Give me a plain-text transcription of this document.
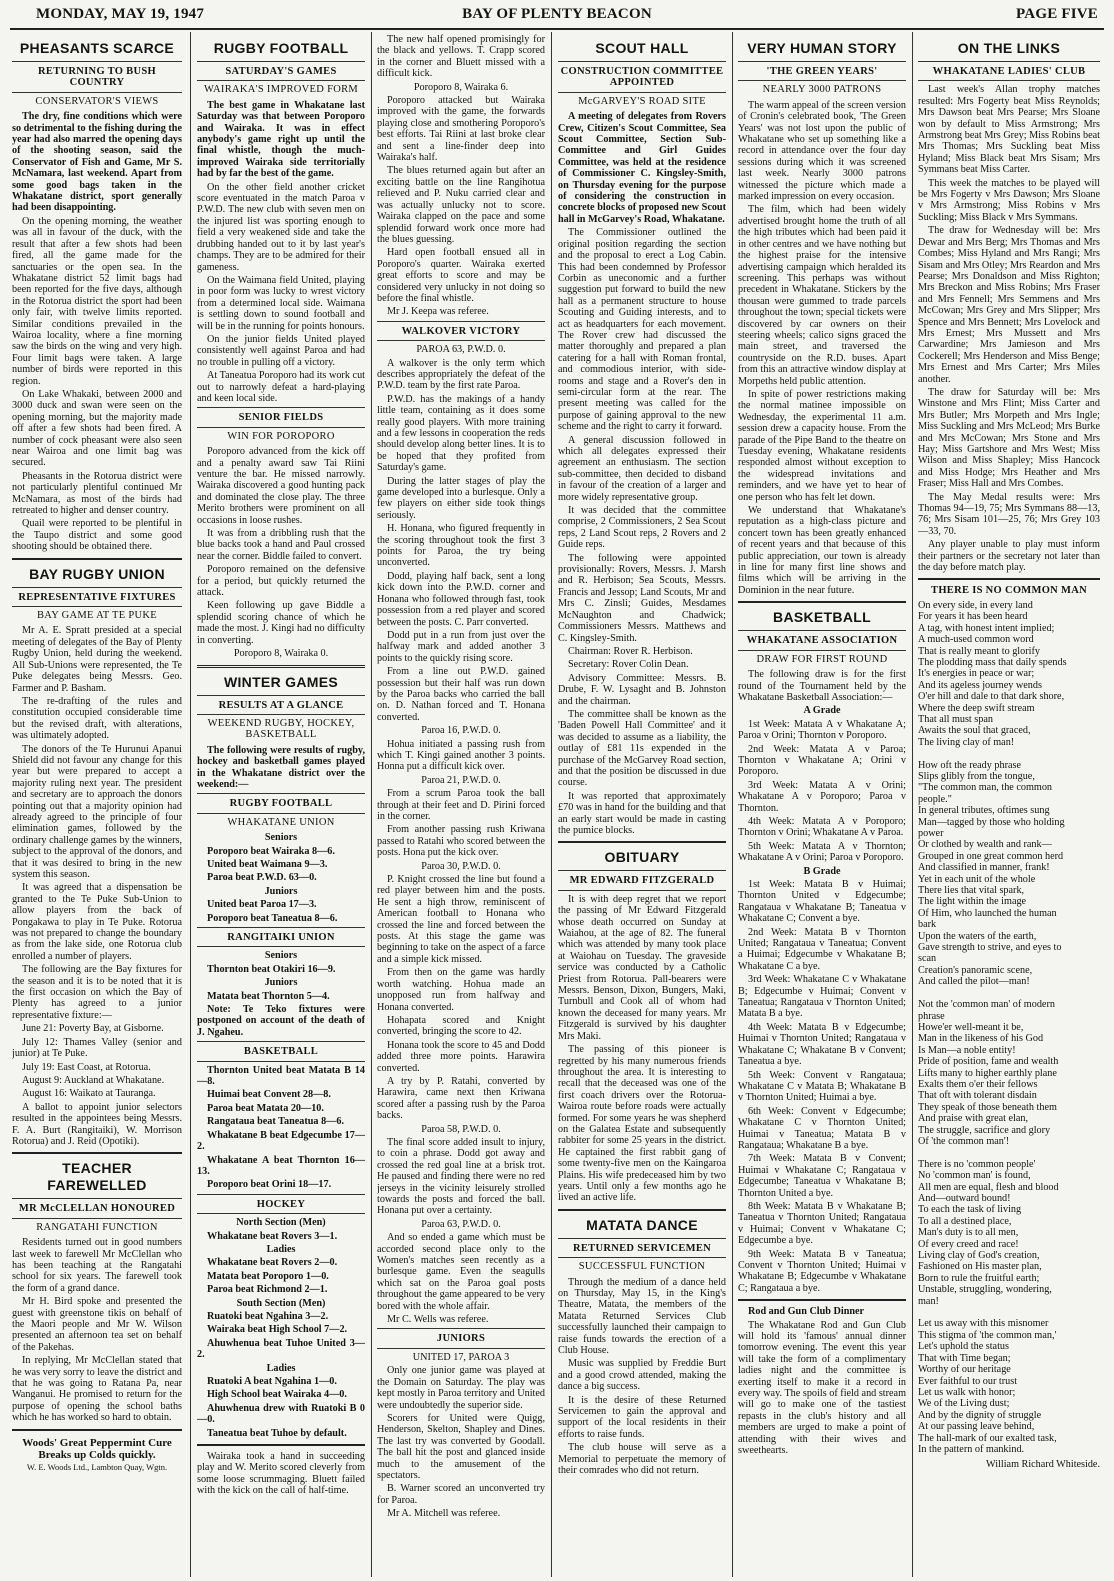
MONDAY, MAY 19, 1947	BAY OF PLENTY BEACON	PAGE FIVE
PHEASANTS SCARCE
RETURNING TO BUSH COUNTRY
CONSERVATOR'S VIEWS

The dry, fine conditions which were so detrimental to the fishing during the year had also marred the opening days of the shooting season, said the Conservator of Fish and Game, Mr S. McNamara, last weekend. Apart from some good bags taken in the Whakatane district, sport generally had been disappointing.

On the opening morning, the weather was all in favour of the duck, with the result that after a few shots had been fired, all the game made for the sanctuaries or the open sea. In the Whakatane district 52 limit bags had been reported for the five days, although in the Rotorua district the sport had been only fair, with twelve limits reported. Similar conditions prevailed in the Wairoa locality, where a fine morning saw the birds on the wing and very high. Four limit bags were taken. A large number of birds were reported in this region.

On Lake Whakaki, between 2000 and 3000 duck and swan were seen on the opening morning, but the majority made off after a few shots had been fired. A number of cock pheasant were also seen near Wairoa and one limit bag was secured.

Pheasants in the Rotorua district were not particularly plentiful continued Mr McNamara, as most of the birds had retreated to higher and denser country.

Quail were reported to be plentiful in the Taupo district and some good shooting should be obtained there.

BAY RUGBY UNION
REPRESENTATIVE FIXTURES
BAY GAME AT TE PUKE

Mr A. E. Spratt presided at a special meeting of delegates of the Bay of Plenty Rugby Union, held during the weekend. All Sub-Unions were represented, the Te Puke delegates being Messrs. Geo. Farmer and P. Basham.

The re-drafting of the rules and constitution occupied considerable time but the revised draft, with alterations, was ultimately adopted.

The donors of the Te Hurunui Apanui Shield did not favour any change for this year but were prepared to accept a majority ruling next year. The president and secretary are to approach the donors pointing out that a majority opinion had already agreed to the principle of four elimination games, followed by the ordinary challenge games by the winners, subject to the approval of the donors, and that it was desired to bring in the new system this season.

It was agreed that a dispensation be granted to the Te Puke Sub-Union to allow players from the back of Pongakawa to play in Te Puke. Rotorua was not prepared to change the boundary as from the lake side, one Rotorua club enrolled a number of players.

The following are the Bay fixtures for the season and it is to be noted that it is the first occasion on which the Bay of Plenty has agreed to a junior representative fixture:—

June 21: Poverty Bay, at Gisborne.

July 12: Thames Valley (senior and junior) at Te Puke.

July 19: East Coast, at Rotorua.

August 9: Auckland at Whakatane.

August 16: Waikato at Tauranga.

A ballot to appoint junior selectors resulted in the appointees being Messrs. F. A. Burt (Rangitaiki), W. Morrison Rotorua) and J. Reid (Opotiki).

TEACHER FAREWELLED
MR McCLELLAN HONOURED
RANGATAHI FUNCTION

Residents turned out in good numbers last week to farewell Mr McClellan who has been teaching at the Rangatahi school for six years. The farewell took the form of a grand dance.

Mr H. Bird spoke and presented the guest with greenstone tikis on behalf of the Maori people and Mr W. Wilson presented an afternoon tea set on behalf of the Pakehas.

In replying, Mr McClellan stated that he was very sorry to leave the district and that he was going to Ratana Pa, near Wanganui. He promised to return for the purpose of opening the school baths which he has worked so hard to obtain.

Woods' Great Peppermint Cure
Breaks up Colds quickly.
W. E. Woods Ltd., Lambton Quay, Wgtn.
RUGBY FOOTBALL
SATURDAY'S GAMES
WAIRAKA'S IMPROVED FORM

The best game in Whakatane last Saturday was that between Poroporo and Wairaka. It was in effect anybody's game right up until the final whistle, though the much-improved Wairaka side territorially had by far the best of the game.

On the other field another cricket score eventuated in the match Paroa v P.W.D. The new club with seven men on the injured list was sporting enough to field a very weakened side and take the drubbing handed out to it by last year's champs. They are to be admired for their gameness.

On the Waimana field United, playing in poor form was lucky to wrest victory from a determined local side. Waimana is settling down to sound football and will be in the running for points honours.

On the junior fields United played consistently well against Paroa and had no trouble in pulling off a victory.

At Taneatua Poroporo had its work cut out to narrowly defeat a hard-playing and keen local side.

SENIOR FIELDS
WIN FOR POROPORO

Poroporo advanced from the kick off and a penalty award saw Tai Riini venture the bar. He missed narrowly. Wairaka discovered a good hunting pack and dominated the close play. The three Merito brothers were prominent on all occasions in loose rushes.

It was from a dribbling rush that the blue backs took a hand and Paul crossed near the corner. Biddle failed to convert.

Poroporo remained on the defensive for a period, but quickly returned the attack.

Keen following up gave Biddle a splendid scoring chance of which he made the most. J. Kingi had no difficulty in converting.

Poroporo 8, Wairaka 0.

WINTER GAMES
RESULTS AT A GLANCE
WEEKEND RUGBY, HOCKEY, BASKETBALL

The following were results of rugby, hockey and basketball games played in the Whakatane district over the weekend:—

RUGBY FOOTBALL
WHAKATANE UNION

Seniors

Poroporo beat Wairaka 8—6.

United beat Waimana 9—3.

Paroa beat P.W.D. 63—0.

Juniors

United beat Paroa 17—3.

Poroporo beat Taneatua 8—6.

RANGITAIKI UNION

Seniors

Thornton beat Otakiri 16—9.

Juniors

Matata beat Thornton 5—4.

Note: Te Teko fixtures were postponed on account of the death of J. Ngaheu.

BASKETBALL

Thornton United beat Matata B 14—8.

Huimai beat Convent 28—8.

Paroa beat Matata 20—10.

Rangataua beat Taneatua 8—6.

Whakatane B beat Edgecumbe 17—2.

Whakatane A beat Thornton 16—13.

Poroporo beat Orini 18—17.

HOCKEY

North Section (Men)

Whakatane beat Rovers 3—1.

Ladies

Whakatane beat Rovers 2—0.

Matata beat Poroporo 1—0.

Paroa beat Richmond 2—1.

South Section (Men)

Ruatoki beat Ngahina 3—2.

Wairaka beat High School 7—2.

Ahuwhenua beat Tuhoe United 3—2.

Ladies

Ruatoki A beat Ngahina 1—0.

High School beat Wairaka 4—0.

Ahuwhenua drew with Ruatoki B 0—0.

Taneatua beat Tuhoe by default.

Wairaka took a hand in succeeding play and W. Merito scored cleverly from some loose scrummaging. Bluett failed with the kick on the call of half-time.

The new half opened promisingly for the black and yellows. T. Crapp scored in the corner and Bluett missed with a difficult kick.

Poroporo 8, Wairaka 6.

Poroporo attacked but Wairaka improved with the game, the forwards playing close and smothering Poroporo's best efforts. Tai Riini at last broke clear and sent a line-finder deep into Wairaka's half.

The blues returned again but after an exciting battle on the line Rangihotua relieved and P. Nuku carried clear and was actually unlucky not to score. Wairaka clapped on the pace and some splendid forward work once more had the blues guessing.

Hard open football ensued all in Poroporo's quarter. Wairaka exerted great efforts to score and may be considered very unlucky in not doing so before the final whistle.

Mr J. Keepa was referee.

WALKOVER VICTORY

PAROA 63, P.W.D. 0.

A walkover is the only term which describes appropriately the defeat of the P.W.D. team by the first rate Paroa.

P.W.D. has the makings of a handy little team, containing as it does some really good players. With more training and a few lessons in cooperation the reds should develop along better lines. It is to be hoped that they profited from Saturday's game.

During the latter stages of play the game developed into a burlesque. Only a few players on either side took things seriously.

H. Honana, who figured frequently in the scoring throughout took the first 3 points for Paroa, the try being unconverted.

Dodd, playing half back, sent a long kick down into the P.W.D. corner and Honana who followed through fast, took possession from a red player and scored between the posts. C. Parr converted.

Dodd put in a run from just over the halfway mark and added another 3 points to the quickly rising score.

From a line out P.W.D. gained possession but their half was run down by the Paroa backs who carried the ball on. D. Nathan forced and T. Honana converted.

Paroa 16, P.W.D. 0.

Hohua initiated a passing rush from which T. Kingi gained another 3 points. Honna put a difficult kick over.

Paroa 21, P.W.D. 0.

From a scrum Paroa took the ball through at their feet and D. Pirini forced in the corner.

From another passing rush Kriwana passed to Ratahi who scored between the posts. Hona put the kick over.

Paroa 30, P.W.D. 0.

P. Knight crossed the line but found a red player between him and the posts. He sent a high throw, reminiscent of American football to Honana who crossed the line and forced between the posts. At this stage the game was beginning to take on the aspect of a farce and a simple kick missed.

From then on the game was hardly worth watching. Hohua made an unopposed run from halfway and Honana converted.

Hohapata scored and Knight converted, bringing the score to 42.

Honana took the score to 45 and Dodd added three more points. Harawira converted.

A try by P. Ratahi, converted by Harawira, came next then Kriwana scored after a passing rush by the Paroa backs.

Paroa 58, P.W.D. 0.

The final score added insult to injury, to coin a phrase. Dodd got away and crossed the red goal line at a brisk trot. He paused and finding there were no red jerseys in the vicinity leisurely strolled towards the posts and forced the ball. Honana put over a certainty.

Paroa 63, P.W.D. 0.

And so ended a game which must be accorded second place only to the Women's matches seen recently as a burlesque game. Even the seagulls which sat on the Paroa goal posts throughout the game appeared to be very bored with the whole affair.

Mr C. Wells was referee.

JUNIORS

UNITED 17, PAROA 3

Only one junior game was played at the Domain on Saturday. The play was kept mostly in Paroa territory and United were undoubtedly the superior side.

Scorers for United were Quigg, Henderson, Skelton, Shapley and Dines. The last try was converted by Goodall. The ball hit the post and glanced inside much to the amusement of the spectators.

B. Warner scored an unconverted try for Paroa.

Mr A. Mitchell was referee.

SCOUT HALL
CONSTRUCTION COMMITTEE APPOINTED
McGARVEY'S ROAD SITE

A meeting of delegates from Rovers Crew, Citizen's Scout Committee, Sea Scout Committee, Section Sub-Committee and Girl Guides Committee, was held at the residence of Commissioner C. Kingsley-Smith, on Thursday evening for the purpose of considering the construction in concrete blocks of proposed new Scout hall in McGarvey's Road, Whakatane.

The Commissioner outlined the original position regarding the section and the proposal to erect a Log Cabin. This had been condemned by Professor Corbin as uneconomic and a further suggestion put forward to build the new hall as a permanent structure to house Scouting and Guiding interests, and to act as headquarters for each movement. The Rover crew had discussed the matter thoroughly and prepared a plan catering for a hall with Roman frontal, and commodious interior, with side-rooms and stage and a Rover's den in semi-circular form at the rear. The present meeting was called for the purpose of gaining approval to the new scheme and the right to carry it forward.

A general discussion followed in which all delegates expressed their agreement an enthusiasm. The section sub-committee, then decided to disband in favour of the creation of a larger and more widely representative group.

It was decided that the committee comprise, 2 Commissioners, 2 Sea Scout reps, 2 Land Scout reps, 2 Rovers and 2 Guide reps.

The following were appointed provisionally: Rovers, Messrs. J. Marsh and R. Herbison; Sea Scouts, Messrs. Francis and Jessop; Land Scouts, Mr and Mrs C. Zinsli; Guides, Mesdames McNaughton and Chadwick; Commissioners Messrs. Matthews and C. Kingsley-Smith.

Chairman: Rover R. Herbison.

Secretary: Rover Colin Dean.

Advisory Committee: Messrs. B. Drube, F. W. Lysaght and B. Johnston and the chairman.

The committee shall be known as the 'Baden Powell Hall Committee' and it was decided to assume as a liability, the outlay of £81 11s expended in the purchase of the McGarvey Road section, and that the position be discussed in due course.

It was reported that approximately £70 was in hand for the building and that an early start would be made in casting the pumice blocks.

OBITUARY
MR EDWARD FITZGERALD

It is with deep regret that we report the passing of Mr Edward Fitzgerald whose death occurred on Sunday at Waiahou, at the age of 82. The funeral which was attended by many took place at Waiohau on Tuesday. The graveside service was conducted by a Catholic Priest from Rotorua. Pall-bearers were Messrs. Benson, Dixon, Bungers, Maki, Turnbull and Cook all of whom had known the deceased for many years. Mr Fitzgerald is survived by his daughter Mrs Maki.

The passing of this pioneer is regretted by his many numerous friends throughout the area. It is interesting to recall that the deceased was one of the first coach drivers over the Rotorua-Wairoa route before roads were actually formed. For some years he was shepherd on the Galatea Estate and subsequently rabbiter for some 25 years in the district. He captained the first rabbit gang of some twenty-five men on the Kaingaroa Plains. His wife predeceased him by two years. Until only a few months ago he lived an active life.

MATATA DANCE
RETURNED SERVICEMEN
SUCCESSFUL FUNCTION

Through the medium of a dance held on Thursday, May 15, in the King's Theatre, Matata, the members of the Matata Returned Services Club successfully launched their campaign to raise funds towards the erection of a Club House.

Music was supplied by Freddie Burt and a good crowd attended, making the dance a big success.

It is the desire of these Returned Servicemen to gain the approval and support of the local residents in their efforts to raise funds.

The club house will serve as a Memorial to perpetuate the memory of their comrades who did not return.

VERY HUMAN STORY
'THE GREEN YEARS'
NEARLY 3000 PATRONS

The warm appeal of the screen version of Cronin's celebrated book, 'The Green Years' was not lost upon the public of Whakatane who set up something like a record in attendance over the four day sessions during which it was screened last week. Nearly 3000 patrons witnessed the picture which made a marked impression on every occasion.

The film, which had been widely advertised brought home the truth of all the high tributes which had been paid it in other centres and we have nothing but the highest praise for the intensive advertising campaign which heralded its screening. This perhaps was without precedent in Whakatane. Stickers by the thousan were gummed to trade parcels throughout the town; special tickets were discovered by car owners on their steering wheels; calico signs graced the main street, and traversed the countryside on the R.D. buses. Apart from this an attractive window display at Morpeths held public attention.

In spite of power restrictions making the normal matinee impossible on Wednesday, the experimental 11 a.m. session drew a capacity house. From the parade of the Pipe Band to the theatre on Tuesday evening, Whakatane residents responded almost without exception to the widespread invitations and reminders, and we have yet to hear of one person who has felt let down.

We understand that Whakatane's reputation as a high-class picture and concert town has been greatly enhanced of recent years and that because of this public appreciation, our town is already in line for many first line shows and films which will be arriving in the Dominion in the near future.

BASKETBALL
WHAKATANE ASSOCIATION
DRAW FOR FIRST ROUND

The following draw is for the first round of the Tournament held by the Whakatane Basketball Association:—

A Grade

1st Week: Matata A v Whakatane A; Paroa v Orini; Thornton v Poroporo.

2nd Week: Matata A v Paroa; Thornton v Whakatane A; Orini v Poroporo.

3rd Week: Matata A v Orini; Whakatane A v Poroporo; Paroa v Thornton.

4th Week: Matata A v Poroporo; Thornton v Orini; Whakatane A v Paroa.

5th Week: Matata A v Thornton; Whakatane A v Orini; Paroa v Poroporo.

B Grade

1st Week: Matata B v Huimai; Thornton United v Edgecumbe; Rangataua v Whakatane B; Taneatua v Whakatane C; Convent a bye.

2nd Week: Matata B v Thornton United; Rangataua v Taneatua; Convent a Huimai; Edgecumbe v Whakatane B; Whakatane C a bye.

3rd Week: Whakatane C v Whakatane B; Edgecumbe v Huimai; Convent v Taneatua; Rangataua v Thornton United; Matata B a bye.

4th Week: Matata B v Edgecumbe; Huimai v Thornton United; Rangataua v Whakatane C; Whakatane B v Convent; Taneatua a bye.

5th Week: Convent v Rangataua; Whakatane C v Matata B; Whakatane B v Thornton United; Huimai a bye.

6th Week: Convent v Edgecumbe; Whakatane C v Thornton United; Huimai v Taneatua; Matata B v Rangataua; Whakatane B a bye.

7th Week: Matata B v Convent; Huimai v Whakatane C; Rangataua v Edgecumbe; Taneatua v Whakatane B; Thornton United a bye.

8th Week: Matata B v Whakatane B; Taneatua v Thornton United; Rangataua v Huimai; Convent v Whakatane C; Edgecumbe a bye.

9th Week: Matata B v Taneatua; Convent v Thornton United; Huimai v Whakatane B; Edgecumbe v Whakatane C; Rangataua a bye.

Rod and Gun Club Dinner

The Whakatane Rod and Gun Club will hold its 'famous' annual dinner tomorrow evening. The event this year will take the form of a complimentary ladies night and the committee is exerting itself to make it a record in every way. The spoils of field and stream will go to make one of the tastiest repasts in the club's history and all members are urged to make a point of attending with their wives and sweethearts.

ON THE LINKS
WHAKATANE LADIES' CLUB

Last week's Allan trophy matches resulted: Mrs Fogerty beat Miss Reynolds; Mrs Dawson beat Mrs Pearse; Mrs Sloane won by default to Miss Armstrong; Mrs Armstrong beat Mrs Grey; Miss Robins beat Mrs Thomas; Mrs Suckling beat Miss Hyland; Miss Black beat Mrs Sisam; Mrs Symmans beat Miss Carter.

This week the matches to be played will be Mrs Fogerty v Mrs Dawson; Mrs Sloane v Mrs Armstrong; Miss Robins v Mrs Suckling; Miss Black v Mrs Symmans.

The draw for Wednesday will be: Mrs Dewar and Mrs Berg; Mrs Thomas and Mrs Combes; Miss Hyland and Mrs Rangi; Mrs Sisam and Mrs Otley; Mrs Reardon and Mrs Pearse; Mrs Donaldson and Miss Righton; Mrs Breckon and Miss Robins; Mrs Fraser and Mrs Fennell; Mrs Semmens and Mrs McCowan; Mrs Grey and Mrs Slipper; Mrs Spence and Mrs Bennett; Mrs Lovelock and Mrs Ernest; Mrs Mussett and Mrs Carwardine; Mrs Jamieson and Mrs Cockerell; Mrs Henderson and Miss Benge; Mrs Ernest and Mrs Carter; Mrs Miles another.

The draw for Saturday will be: Mrs Winstone and Mrs Flint; Miss Carter and Mrs Butler; Mrs Morpeth and Mrs Ingle; Miss Suckling and Mrs McLeod; Mrs Burke and Mrs McCowan; Mrs Stone and Mrs Hay; Miss Gartshore and Mrs West; Miss Wilson and Miss Shapley; Miss Hancock and Miss Hodge; Mrs Heather and Mrs Fraser; Miss Hall and Mrs Combes.

The May Medal results were: Mrs Thomas 94—19, 75; Mrs Symmans 88—13, 76; Mrs Sisam 101—25, 76; Mrs Grey 103—33, 70.

Any player unable to play must inform their partners or the secretary not later than the day before match play.

THERE IS NO COMMON MAN

On every side, in every land

For years it has been heard

A tag, with honest intent implied;

A much-used common word

That is really meant to glorify

The plodding mass that daily spends

It's energies in peace or war;

And its ageless journey wends

O'er hill and dale to that dark shore,

Where the deep swift stream

That all must span

Awaits the soul that graced,

The living clay of man!

How oft the ready phrase

Slips glibly from the tongue,

"The common man, the common

people."

In general tributes, oftimes sung

Man—tagged by those who holding

power

Or clothed by wealth and rank—

Grouped in one great common herd

And classified in manner, frank!

Yet in each unit of the whole

There lies that vital spark,

The light within the image

Of Him, who launched the human

bark

Upon the waters of the earth,

Gave strength to strive, and eyes to

scan

Creation's panoramic scene,

And called the pilot—man!

Not the 'common man' of modern

phrase

Howe'er well-meant it be,

Man in the likeness of his God

Is Man—a noble entity!

Pride of position, fame and wealth

Lifts many to higher earthly plane

Exalts them o'er their fellows

That oft with tolerant disdain

They speak of those beneath them

And praise with great elan,

The struggle, sacrifice and glory

Of 'the common man'!

There is no 'common people'

No 'common man' is found,

All men are equal, flesh and blood

And—outward bound!

To each the task of living

To all a destined place,

Man's duty is to all men,

Of every creed and race!

Living clay of God's creation,

Fashioned on His master plan,

Born to rule the fruitful earth;

Unstable, struggling, wondering,

man!

Let us away with this misnomer

This stigma of 'the common man,'

Let's uphold the status

That with Time began;

Worthy of our heritage

Ever faithful to our trust

Let us walk with honor;

We of the Living dust;

And by the dignity of struggle

At our passing leave behind,

The hall-mark of our exalted task,

In the pattern of mankind.

William Richard Whiteside.
